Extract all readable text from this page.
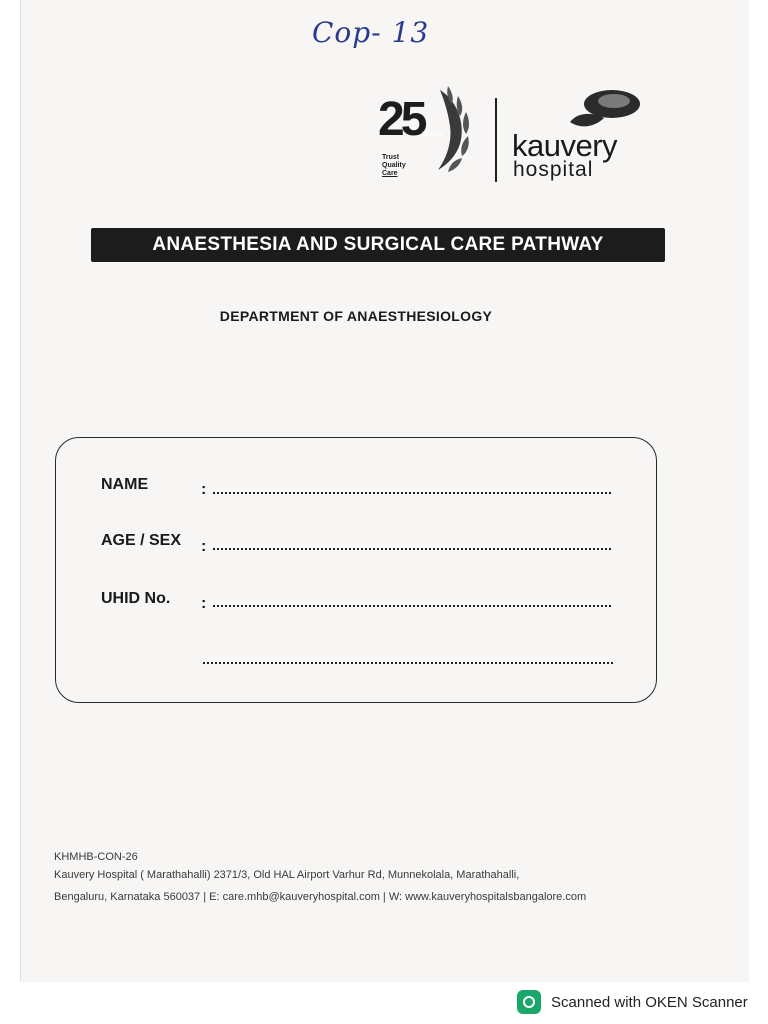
Cop- 13
25
YEARS
Trust
Quality
Care
kauvery
hospital
ANAESTHESIA AND SURGICAL CARE PATHWAY
DEPARTMENT OF ANAESTHESIOLOGY
NAME	:
AGE / SEX :
UHID No. :
KHMHB-CON-26
Kauvery Hospital ( Marathahalli) 2371/3, Old HAL Airport Varhur Rd, Munnekolala, Marathahalli,
Bengaluru, Karnataka 560037 | E: care.mhb@kauveryhospital.com | W: www.kauveryhospitalsbangalore.com
Scanned with OKEN Scanner
